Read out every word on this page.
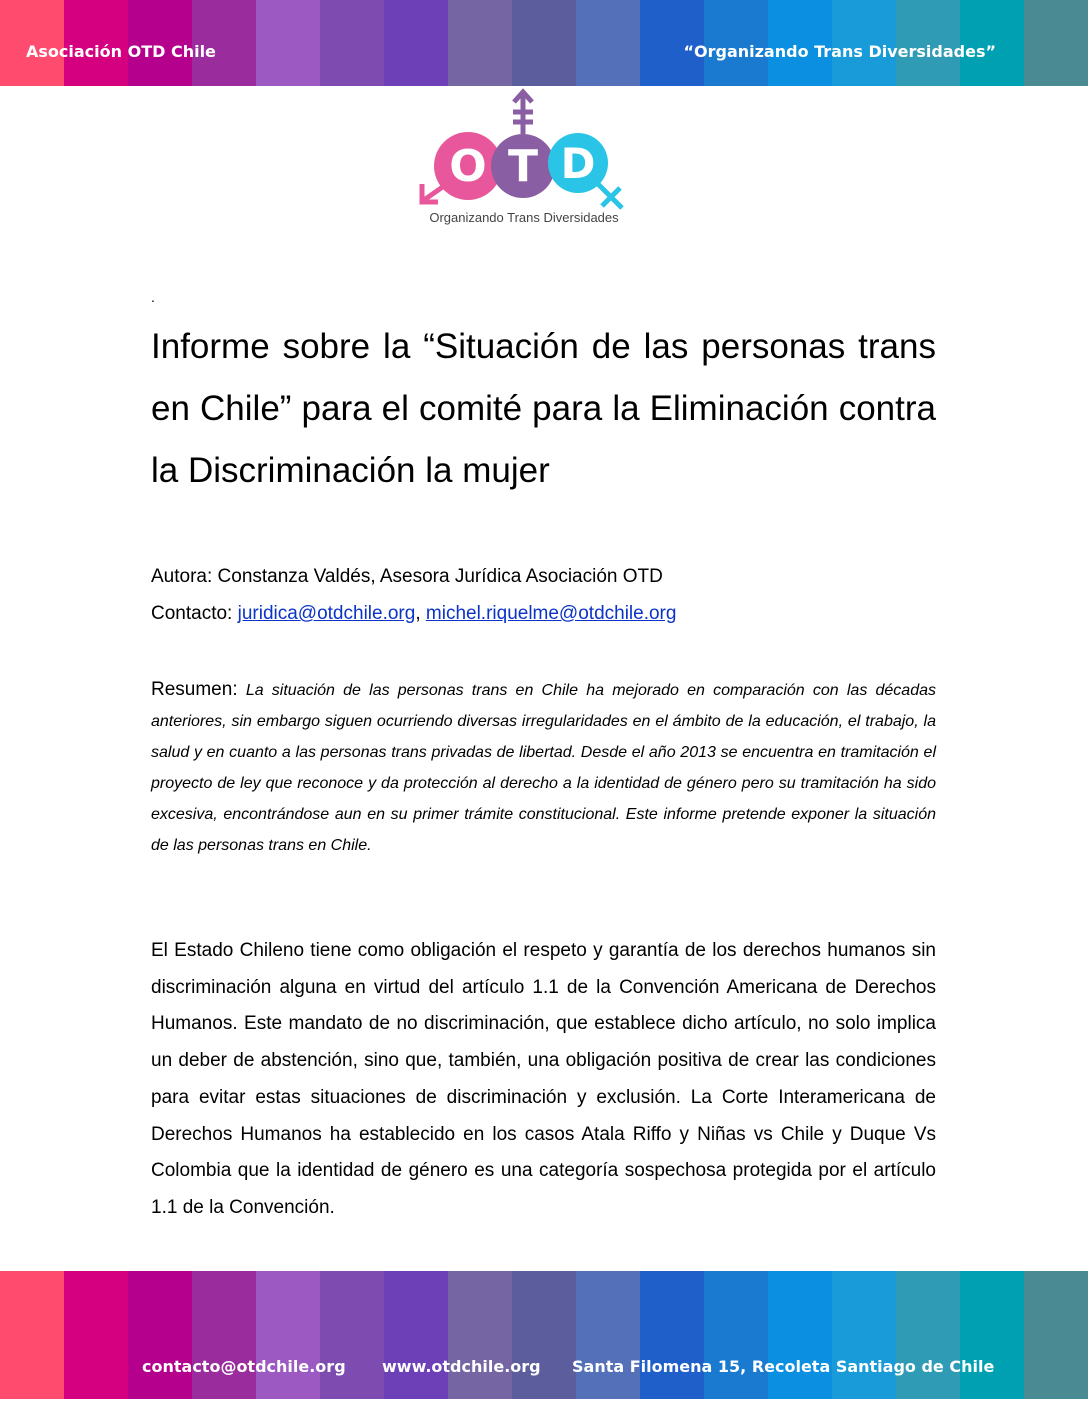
Asociación OTD Chile	“Organizando Trans Diversidades”
O T D
Organizando Trans Diversidades
.
Informe sobre la “Situación de las personas trans en Chile” para el comité para la Eliminación contra la Discriminación la mujer
Autora: Constanza Valdés, Asesora Jurídica Asociación OTD
Contacto: juridica@otdchile.org, michel.riquelme@otdchile.org

Resumen: La situación de las personas trans en Chile ha mejorado en comparación con las décadas anteriores, sin embargo siguen ocurriendo diversas irregularidades en el ámbito de la educación, el trabajo, la salud y en cuanto a las personas trans privadas de libertad. Desde el año 2013 se encuentra en tramitación el proyecto de ley que reconoce y da protección al derecho a la identidad de género pero su tramitación ha sido excesiva, encontrándose aun en su primer trámite constitucional. Este informe pretende exponer la situación de las personas trans en Chile.

El Estado Chileno tiene como obligación el respeto y garantía de los derechos humanos sin discriminación alguna en virtud del artículo 1.1 de la Convención Americana de Derechos Humanos. Este mandato de no discriminación, que establece dicho artículo, no solo implica un deber de abstención, sino que, también, una obligación positiva de crear las condiciones para evitar estas situaciones de discriminación y exclusión. La Corte Interamericana de Derechos Humanos ha establecido en los casos Atala Riffo y Niñas vs Chile y Duque Vs Colombia que la identidad de género es una categoría sospechosa protegida por el artículo 1.1 de la Convención.

contacto@otdchile.org www.otdchile.org Santa Filomena 15, Recoleta Santiago de Chile
